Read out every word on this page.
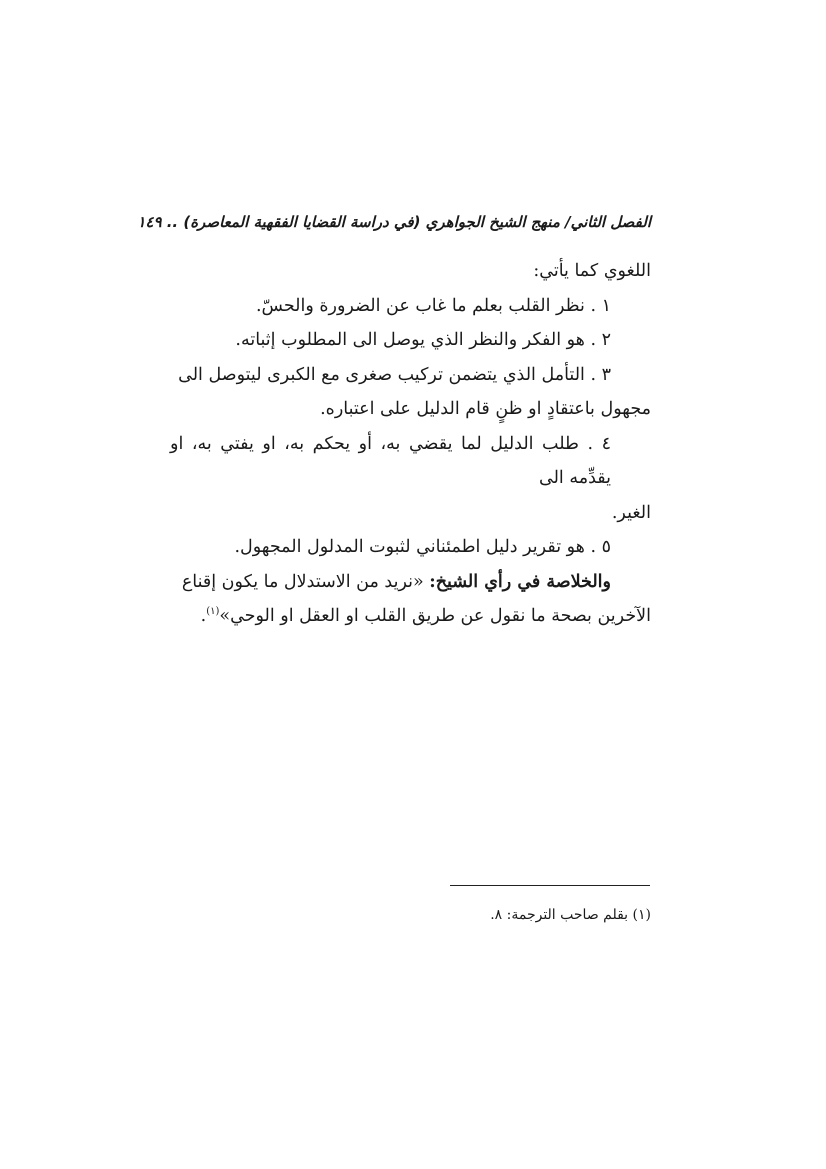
الفصل الثاني/ منهج الشيخ الجواهري (في دراسة القضايا الفقهية المعاصرة) .. ١٤٩

اللغوي كما يأتي:

١ . نظر القلب بعلم ما غاب عن الضرورة والحسّ.

٢ . هو الفكر والنظر الذي يوصل الى المطلوب إثباته.

٣ . التأمل الذي يتضمن تركيب صغرى مع الكبرى ليتوصل الى

مجهول باعتقادٍ او ظنٍ قام الدليل على اعتباره.

٤ . طلب الدليل لما يقضي به، أو يحكم به، او يفتي به، او يقدِّمه الى

الغير.

٥ . هو تقرير دليل اطمئناني لثبوت المدلول المجهول.

والخلاصة في رأي الشيخ: «نريد من الاستدلال ما يكون إقناع

الآخرين بصحة ما نقول عن طريق القلب او العقل او الوحي»$^{(١)}$.

(١) بقلم صاحب الترجمة: ٨.
